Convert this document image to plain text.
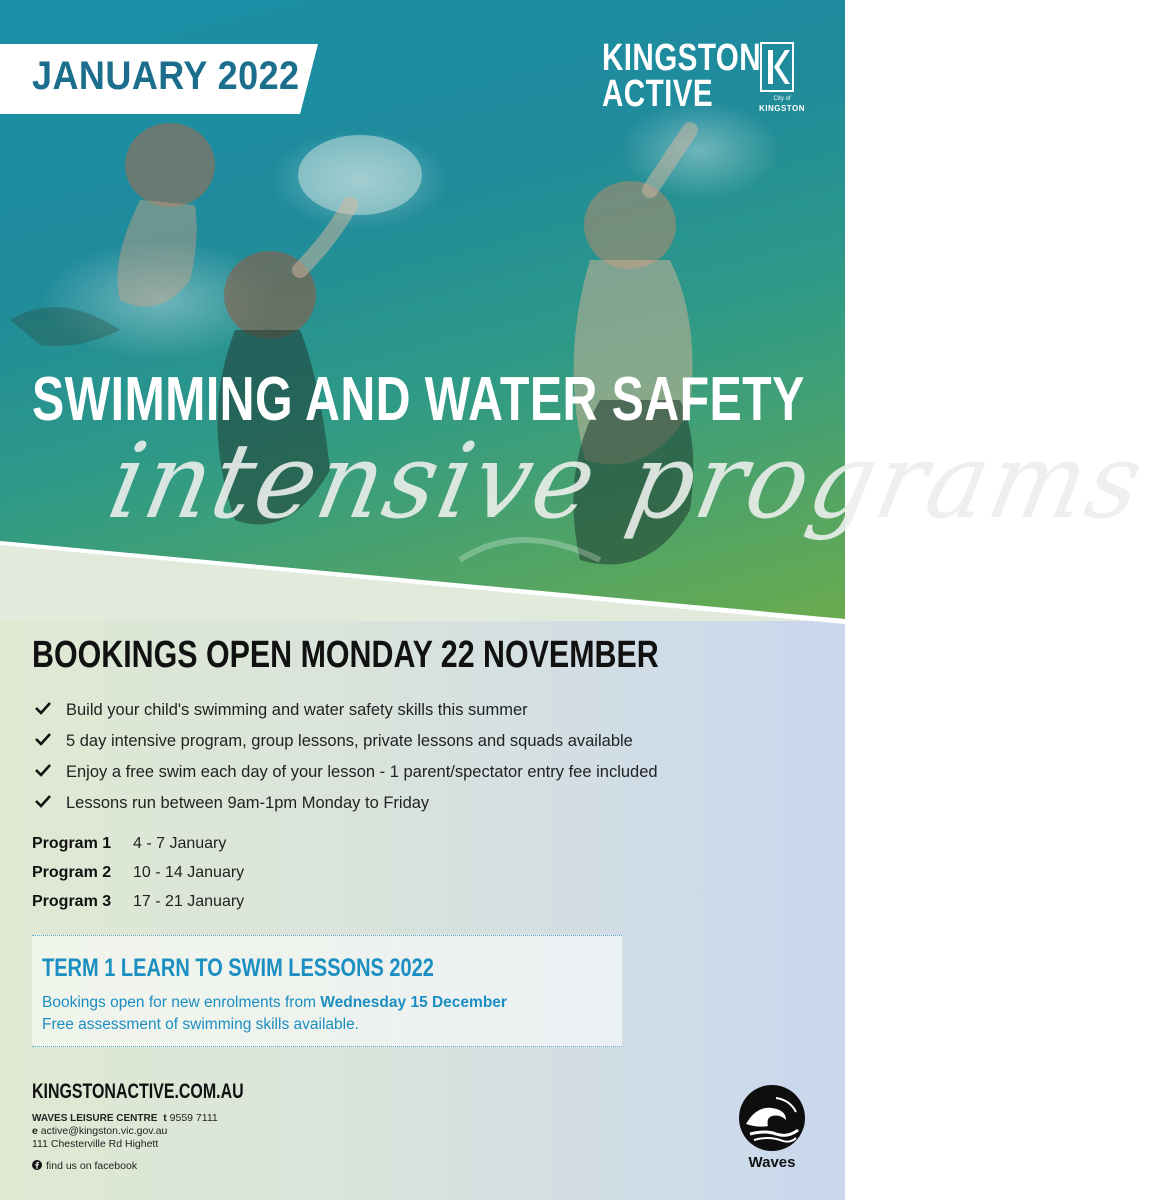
JANUARY 2022	KINGSTON
ACTIVE	City of
KINGSTON
SWIMMING AND WATER SAFETY
intensive programs
BOOKINGS OPEN MONDAY 22 NOVEMBER
Build your child's swimming and water safety skills this summer
5 day intensive program, group lessons, private lessons and squads available
Enjoy a free swim each day of your lesson - 1 parent/spectator entry fee included
Lessons run between 9am-1pm Monday to Friday
Program 1 4 - 7 January
Program 2 10 - 14 January
Program 3 17 - 21 January
TERM 1 LEARN TO SWIM LESSONS 2022
Bookings open for new enrolments from Wednesday 15 December
Free assessment of swimming skills available.
KINGSTONACTIVE.COM.AU
WAVES LEISURE CENTRE t 9559 7111
e active@kingston.vic.gov.au
111 Chesterville Rd Highett
find us on facebook	Waves
